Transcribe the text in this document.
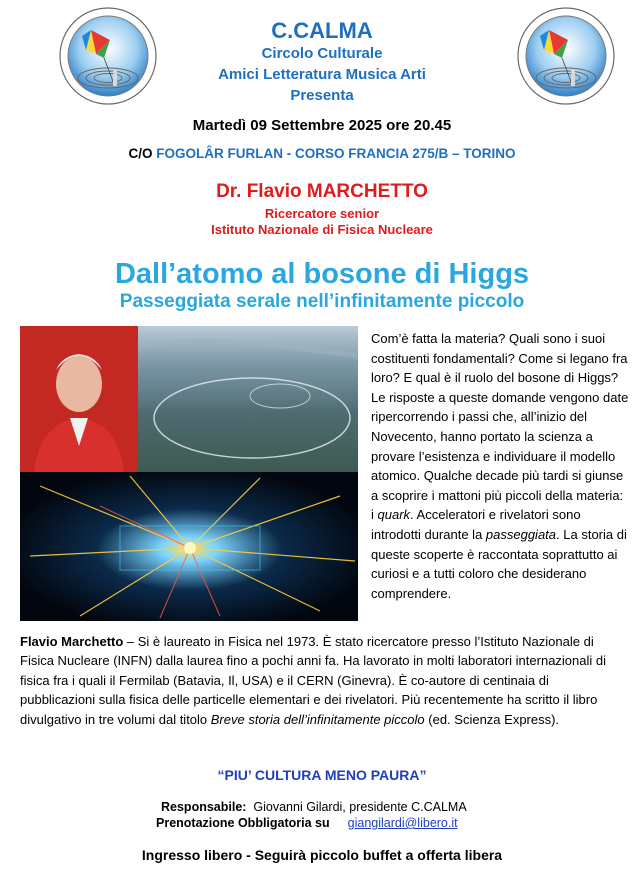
C.CALMA
Circolo Culturale
Amici Letteratura Musica Arti
Presenta
Martedì 09 Settembre 2025 ore 20.45
C/O FOGOLÂR FURLAN - CORSO FRANCIA 275/B – TORINO
Dr. Flavio MARCHETTO
Ricercatore senior
Istituto Nazionale di Fisica Nucleare
Dall’atomo al bosone di Higgs
Passeggiata serale nell’infinitamente piccolo
Com’è fatta la materia? Quali sono i suoi costituenti fondamentali? Come si legano fra loro? E qual è il ruolo del bosone di Higgs? Le risposte a queste domande vengono date ripercorrendo i passi che, all’inizio del Novecento, hanno portato la scienza a provare l’esistenza e individuare il modello atomico. Qualche decade più tardi si giunse a scoprire i mattoni più piccoli della materia: i quark. Acceleratori e rivelatori sono introdotti durante la passeggiata. La storia di queste scoperte è raccontata soprattutto ai curiosi e a tutti coloro che desiderano comprendere.
Flavio Marchetto – Si è laureato in Fisica nel 1973. È stato ricercatore presso l’Istituto Nazionale di Fisica Nucleare (INFN) dalla laurea fino a pochi anni fa. Ha lavorato in molti laboratori internazionali di fisica fra i quali il Fermilab (Batavia, Il, USA) e il CERN (Ginevra). È co-autore di centinaia di pubblicazioni sulla fisica delle particelle elementari e dei rivelatori. Più recentemente ha scritto il libro divulgativo in tre volumi dal titolo Breve storia dell’infinitamente piccolo (ed. Scienza Express).
“PIU’ CULTURA MENO PAURA”
Responsabile:  Giovanni Gilardi, presidente C.CALMA
Prenotazione Obbligatoria su giangilardi@libero.it
Ingresso libero - Seguirà piccolo buffet a offerta libera
